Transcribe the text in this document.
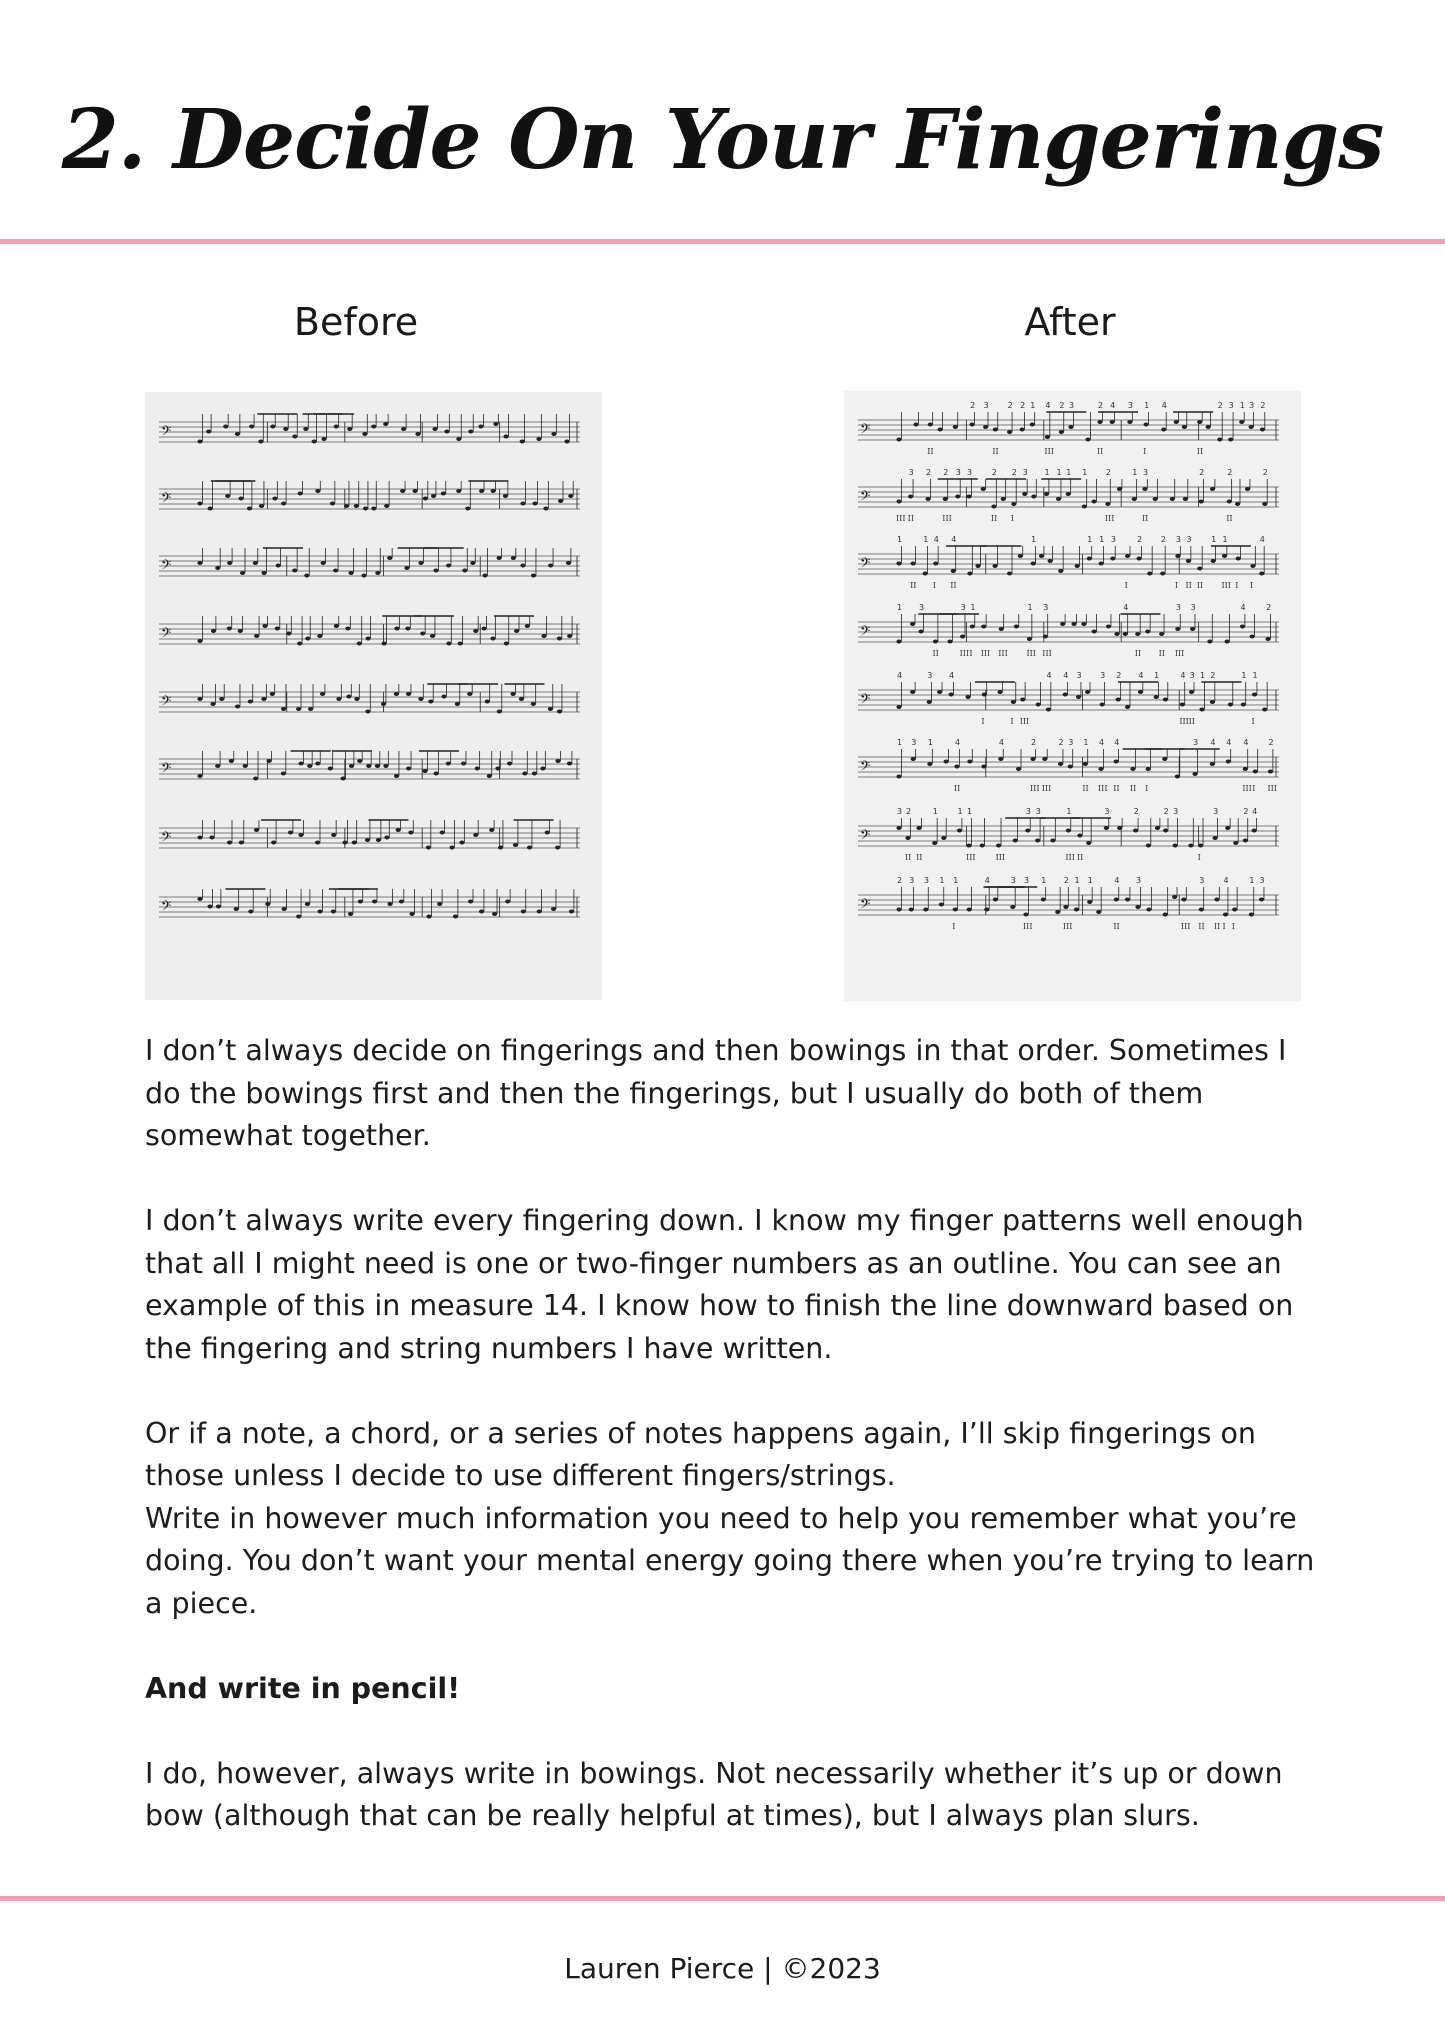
2. Decide On Your Fingerings
Before	After
𝄢
𝄢
𝄢
𝄢
𝄢
𝄢
𝄢
𝄢
𝄢
II
2 3
II
2 2 1 4
III
2 3	2
II
4 3 1
I
4
II
2 3 1 3 2
𝄢
III
3
II
2 2
III
3 3 2
II
2
I
3 1 1 1 1 2
III
1 3
II
2	2
II
2
𝄢
1
II
1 4
I
4
II
1	1 1 3
I
2 2 3
I
3
II II
1 1
III I I
4
𝄢
1 3
II
3
III
1
I III III
1
III
3
III
4
II II
3
III
3	4	2
𝄢
4	3 4
I	I III
4 4 3 3 2 4 1	4
III
3
II
1 2	1 1
I
𝄢
1 3 1	4
II
4	2
III III
2 3 1
II
4
III
4
II II I
3 4 4 4
III I
2
III
𝄢
3 2
II II
1 1 1
III	III
3 3	1
III II
3	2	2 3
I
3	2 4
𝄢
2 3 3 1 1
I
4	3 3
III
1 2
III
1 1	4
II
3
III
3
II II
4
I I
1 3

I don’t always decide on fingerings and then bowings in that order. Sometimes I do the bowings first and then the fingerings, but I usually do both of them somewhat together.

I don’t always write every fingering down. I know my finger patterns well enough that all I might need is one or two-finger numbers as an outline. You can see an example of this in measure 14. I know how to finish the line downward based on the fingering and string numbers I have written.

Or if a note, a chord, or a series of notes happens again, I’ll skip fingerings on those unless I decide to use different fingers/strings.

Write in however much information you need to help you remember what you’re doing. You don’t want your mental energy going there when you’re trying to learn a piece.

And write in pencil!

I do, however, always write in bowings. Not necessarily whether it’s up or down bow (although that can be really helpful at times), but I always plan slurs.

Lauren Pierce | ©2023
